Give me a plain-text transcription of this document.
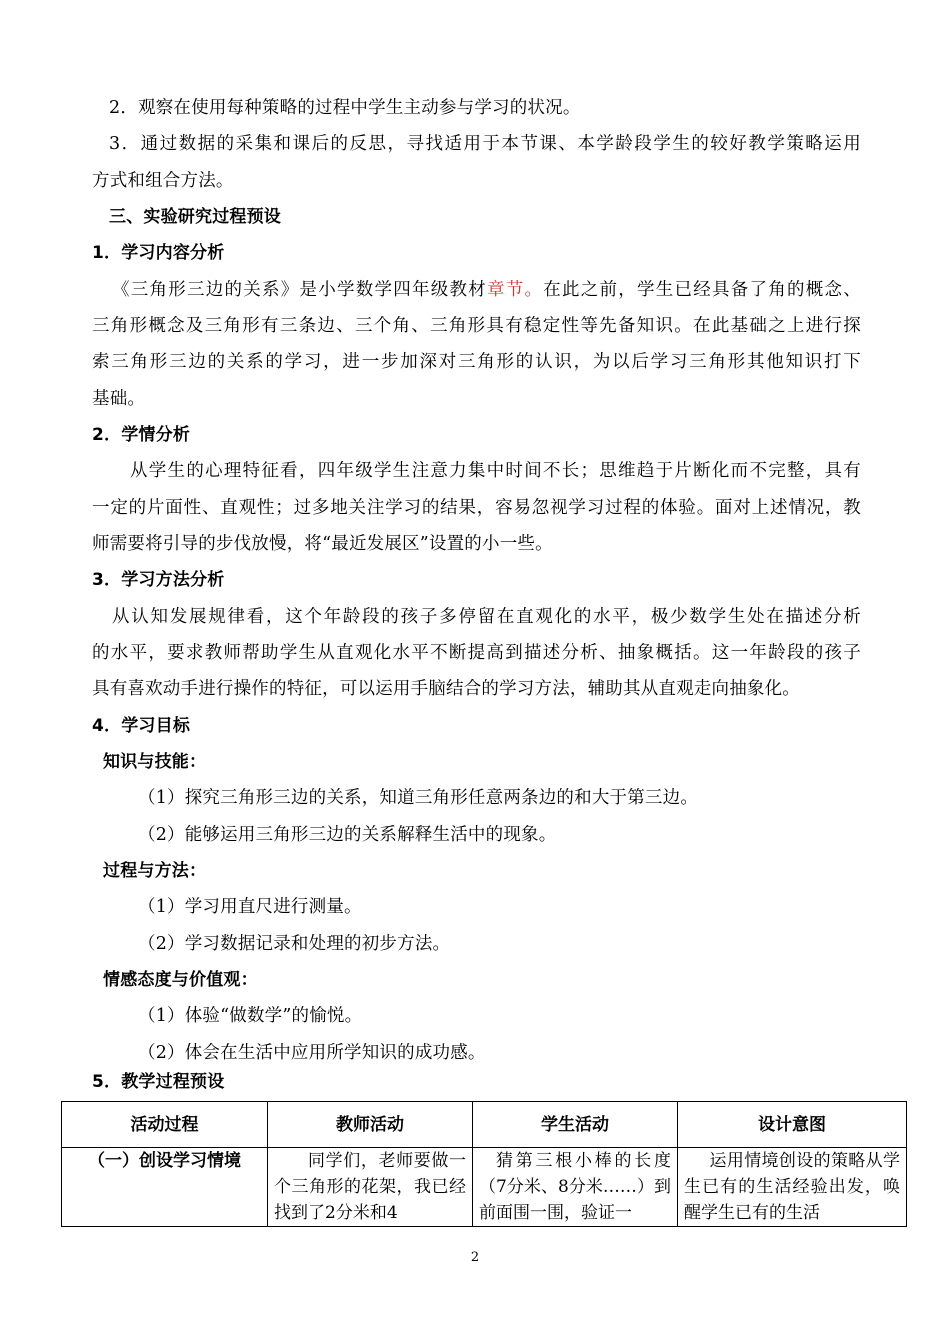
2．观察在使用每种策略的过程中学生主动参与学习的状况。
3．通过数据的采集和课后的反思，寻找适用于本节课、本学龄段学生的较好教学策略运用
方式和组合方法。
三、实验研究过程预设
1．学习内容分析
《三角形三边的关系》是小学数学四年级教材章节。在此之前，学生已经具备了角的概念、
三角形概念及三角形有三条边、三个角、三角形具有稳定性等先备知识。在此基础之上进行探
索三角形三边的关系的学习，进一步加深对三角形的认识，为以后学习三角形其他知识打下
基础。
2．学情分析
从学生的心理特征看，四年级学生注意力集中时间不长；思维趋于片断化而不完整，具有
一定的片面性、直观性；过多地关注学习的结果，容易忽视学习过程的体验。面对上述情况，教
师需要将引导的步伐放慢，将“最近发展区”设置的小一些。
3．学习方法分析
从认知发展规律看，这个年龄段的孩子多停留在直观化的水平，极少数学生处在描述分析
的水平，要求教师帮助学生从直观化水平不断提高到描述分析、抽象概括。这一年龄段的孩子
具有喜欢动手进行操作的特征，可以运用手脑结合的学习方法，辅助其从直观走向抽象化。
4．学习目标
知识与技能：
（1）探究三角形三边的关系，知道三角形任意两条边的和大于第三边。
（2）能够运用三角形三边的关系解释生活中的现象。
过程与方法：
（1）学习用直尺进行测量。
（2）学习数据记录和处理的初步方法。
情感态度与价值观：
（1）体验“做数学”的愉悦。
（2）体会在生活中应用所学知识的成功感。
5．教学过程预设
活动过程	教师活动	学生活动	设计意图
（一）创设学习情境	同学们，老师要做一个三角形的花架，我已经找到了2分米和4	猜第三根小棒的长度（7分米、8分米……）到前面围一围，验证一	运用情境创设的策略从学生已有的生活经验出发，唤醒学生已有的生活
2
